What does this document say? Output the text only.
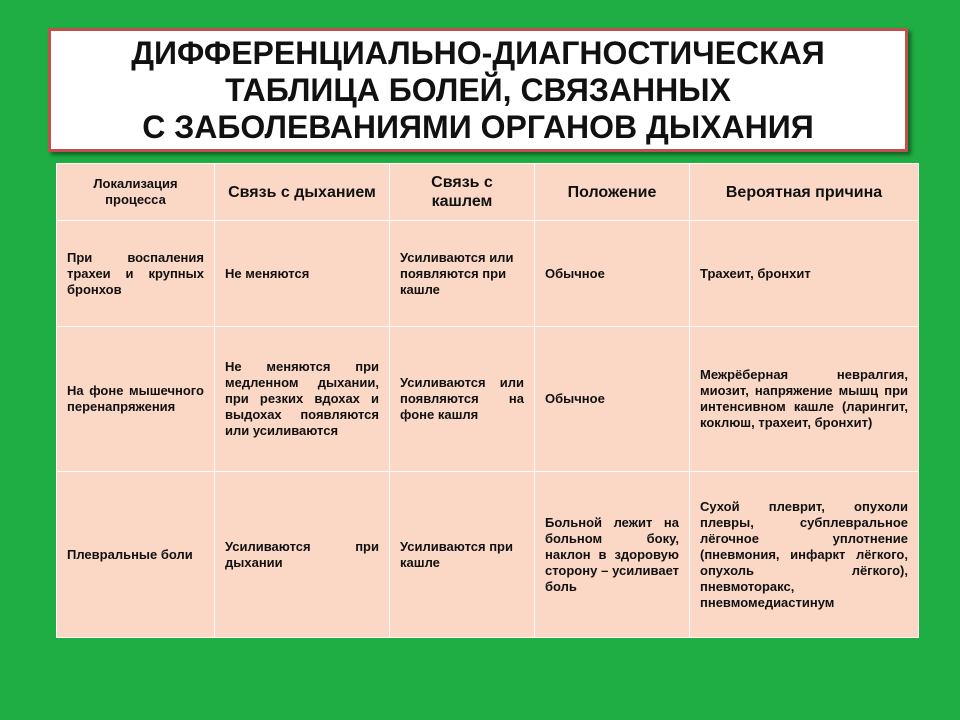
ДИФФЕРЕНЦИАЛЬНО-ДИАГНОСТИЧЕСКАЯ
ТАБЛИЦА БОЛЕЙ, СВЯЗАННЫХ
С ЗАБОЛЕВАНИЯМИ ОРГАНОВ ДЫХАНИЯ
Локализация процесса	Связь с дыханием	Связь с кашлем	Положение	Вероятная причина
При воспаления трахеи и крупных бронхов	Не меняются	Усиливаются или появляются при кашле	Обычное	Трахеит, бронхит
На фоне мышечного перенапряжения	Не меняются при медленном дыхании, при резких вдохах и выдохах появляются или усиливаются	Усиливаются или появляются на фоне кашля	Обычное	Межрёберная невралгия, миозит, напряжение мышц при интенсивном кашле (ларингит, коклюш, трахеит, бронхит)
Плевральные боли	Усиливаются при дыхании	Усиливаются при кашле	Больной лежит на больном боку, наклон в здоровую сторону – усиливает боль	Сухой плеврит, опухоли плевры, субплевральное лёгочное уплотнение (пневмония, инфаркт лёгкого, опухоль лёгкого), пневмоторакс, пневмомедиастинум
